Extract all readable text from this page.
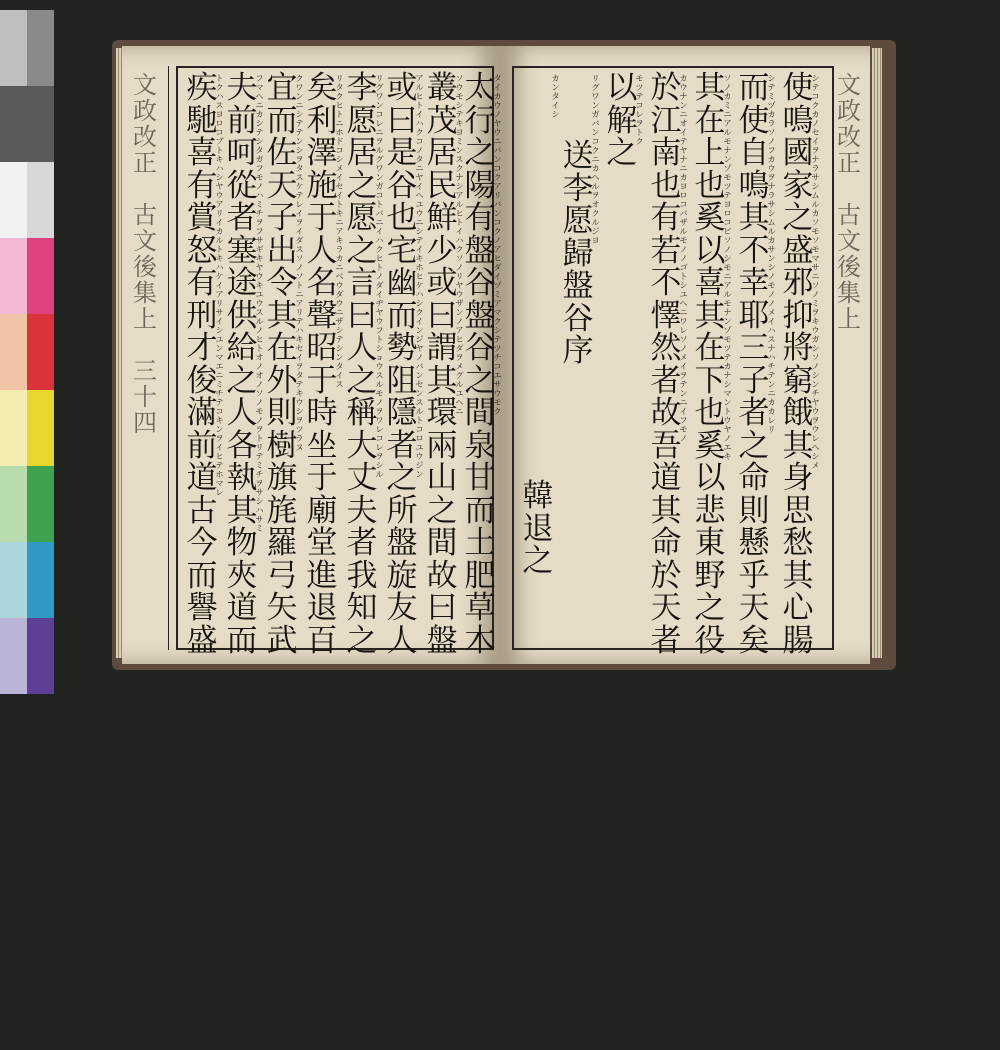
文
政
改
正

古
文
後
集
上

三
十
四
文
政
改
正

古
文
後
集
上
疾
馳
喜
有
賞
怒
有
刑
才
俊
滿
前
道
古
今
而
譽
盛
ト
ク
ハ
ス
ヨ
ロ
コ
ブ
ト
キ
ハ
シ
ヤ
ウ
ア
リ
イ
カ
ル
ト
キ
ハ
ケ
イ
ア
リ
サ
イ
シ
ユ
ン
マ
エ
ニ
ミ
チ
テ
コ
キ
ン
ヲ
イ
ヒ
テ
ホ
マ
レ
夫
前
呵
從
者
塞
途
供
給
之
人
各
執
其
物
夾
道
而
フ
マ
ヘ
ニ
カ
シ
テ
シ
タ
ガ
フ
モ
ノ
ハ
ミ
チ
ヲ
フ
サ
ギ
キ
ヤ
ウ
キ
ユ
ウ
ス
ル
ノ
ヒ
ト
オ
ノ
オ
ノ
ソ
ノ
モ
ノ
ヲ
ト
リ
テ
ミ
チ
ヲ
サ
シ
ハ
サ
ミ
宜
而
佐
天
子
出
令
其
在
外
則
樹
旗
旄
羅
弓
矢
武
ク
ワ
ン
ニ
シ
テ
テ
ン
シ
ヲ
タ
ス
ケ
テ
レ
イ
ヲ
イ
ダ
ス
ソ
ノ
ソ
ト
ニ
ア
リ
テ
ハ
キ
セ
イ
ヲ
タ
テ
キ
ウ
シ
ヲ
ツ
ラ
ヌ
矣
利
澤
施
于
人
名
聲
昭
于
時
坐
于
廟
堂
進
退
百
リ
タ
ク
ヒ
ト
ニ
ホ
ド
コ
シ
メ
イ
セ
イ
ト
キ
ニ
ア
キ
ラ
カ
ニ
ベ
ウ
ダ
ウ
ニ
ザ
シ
テ
シ
ン
タ
イ
ス
李
愿
居
之
愿
之
言
曰
人
之
稱
大
丈
夫
者
我
知
之
リ
グ
ワ
ン
コ
レ
ニ
ヲ
ル
グ
ワ
ン
ガ
コ
ト
バ
ニ
イ
ハ
ク
ヒ
ト
ノ
ダ
イ
ヂ
ヤ
ウ
フ
ト
シ
ョ
ウ
ス
ル
モ
ノ
ヲ
ワ
レ
コ
レ
ヲ
シ
ル
或
曰
是
谷
也
宅
幽
而
勢
阻
隱
者
之
所
盤
旋
友
人
ア
ル
ヒ
ト
イ
ハ
ク
コ
ノ
タ
ニ
ヤ
イ
ヘ
ユ
ウ
ニ
シ
テ
イ
キ
ホ
ヒ
ケ
ハ
シ
ク
イ
ン
ジ
ヤ
ノ
バ
ン
セ
ン
ス
ル
ト
コ
ロ
ユ
ウ
ジ
ン
叢
茂
居
民
鮮
少
或
曰
謂
其
環
兩
山
之
間
故
曰
盤
ソ
ウ
モ
シ
テ
キ
ヨ
ミ
ン
ス
ク
ナ
シ
ア
ル
ヒ
ト
イ
ハ
ク
ソ
ノ
リ
ヤ
ウ
ザ
ン
ノ
ア
ヒ
ダ
ヲ
メ
グ
ル
ユ
ヘ
ニ
太
行
之
陽
有
盤
谷
盤
谷
之
間
泉
甘
而
土
肥
草
木
タ
イ
カ
ウ
ノ
ヤ
ウ
ニ
バ
ン
コ
ク
ア
リ
バ
ン
コ
ク
ノ
ア
ヒ
ダ
イ
ヅ
ミ
ア
マ
ク
シ
テ
ツ
チ
コ
エ
サ
ウ
モ
ク
使
鳴
國
家
之
盛
邪
抑
將
窮
餓
其
身
思
愁
其
心
腸
シ
テ
コ
ク
カ
ノ
セ
イ
ヲ
ナ
ラ
サ
シ
ム
ル
カ
ソ
モ
ソ
モ
マ
サ
ニ
ソ
ノ
ミ
ヲ
キ
ウ
ガ
シ
ソ
ノ
シ
ン
チ
ヤ
ウ
ヲ
ウ
レ
ヘ
シ
メ
而
使
自
鳴
其
不
幸
耶
三
子
者
之
命
則
懸
乎
天
矣
シ
テ
ミ
ヅ
カ
ラ
ソ
ノ
フ
カ
ウ
ヲ
ナ
ラ
サ
シ
ム
ル
カ
サ
ン
シ
ノ
モ
ノ
ノ
メ
イ
ハ
ス
ナ
ハ
チ
テ
ン
ニ
カ
カ
レ
リ
其
在
上
也
奚
以
喜
其
在
下
也
奚
以
悲
東
野
之
役
ソ
ノ
カ
ミ
ニ
ア
ル
モ
ナ
ン
ゾ
モ
ツ
テ
ヨ
ロ
コ
ビ
ソ
ノ
シ
モ
ニ
ア
ル
モ
ナ
ン
ゾ
モ
ツ
テ
カ
ナ
シ
マ
ン
ト
ウ
ヤ
ノ
エ
キ
於
江
南
也
有
若
不
懌
然
者
故
吾
道
其
命
於
天
者
カ
ウ
ナ
ン
ニ
オ
イ
テ
ヤ
ナ
ニ
カ
ヨ
ロ
コ
バ
ザ
ル
モ
ノ
ノ
ゴ
ト
シ
ユ
ヘ
ニ
ワ
レ
ソ
ノ
メ
イ
ヲ
テ
ン
ニ
イ
フ
モ
ノ
以
解
之
モ
ツ
テ
コ
レ
ヲ
ト
ク
送
李
愿
歸
盤
谷
序
リ
グ
ワ
ン
ガ
バ
ン
コ
ク
ニ
カ
ヘ
ル
ヲ
オ
ク
ル
ジ
ヨ
韓
退
之
カ
ン
タ
イ
シ
